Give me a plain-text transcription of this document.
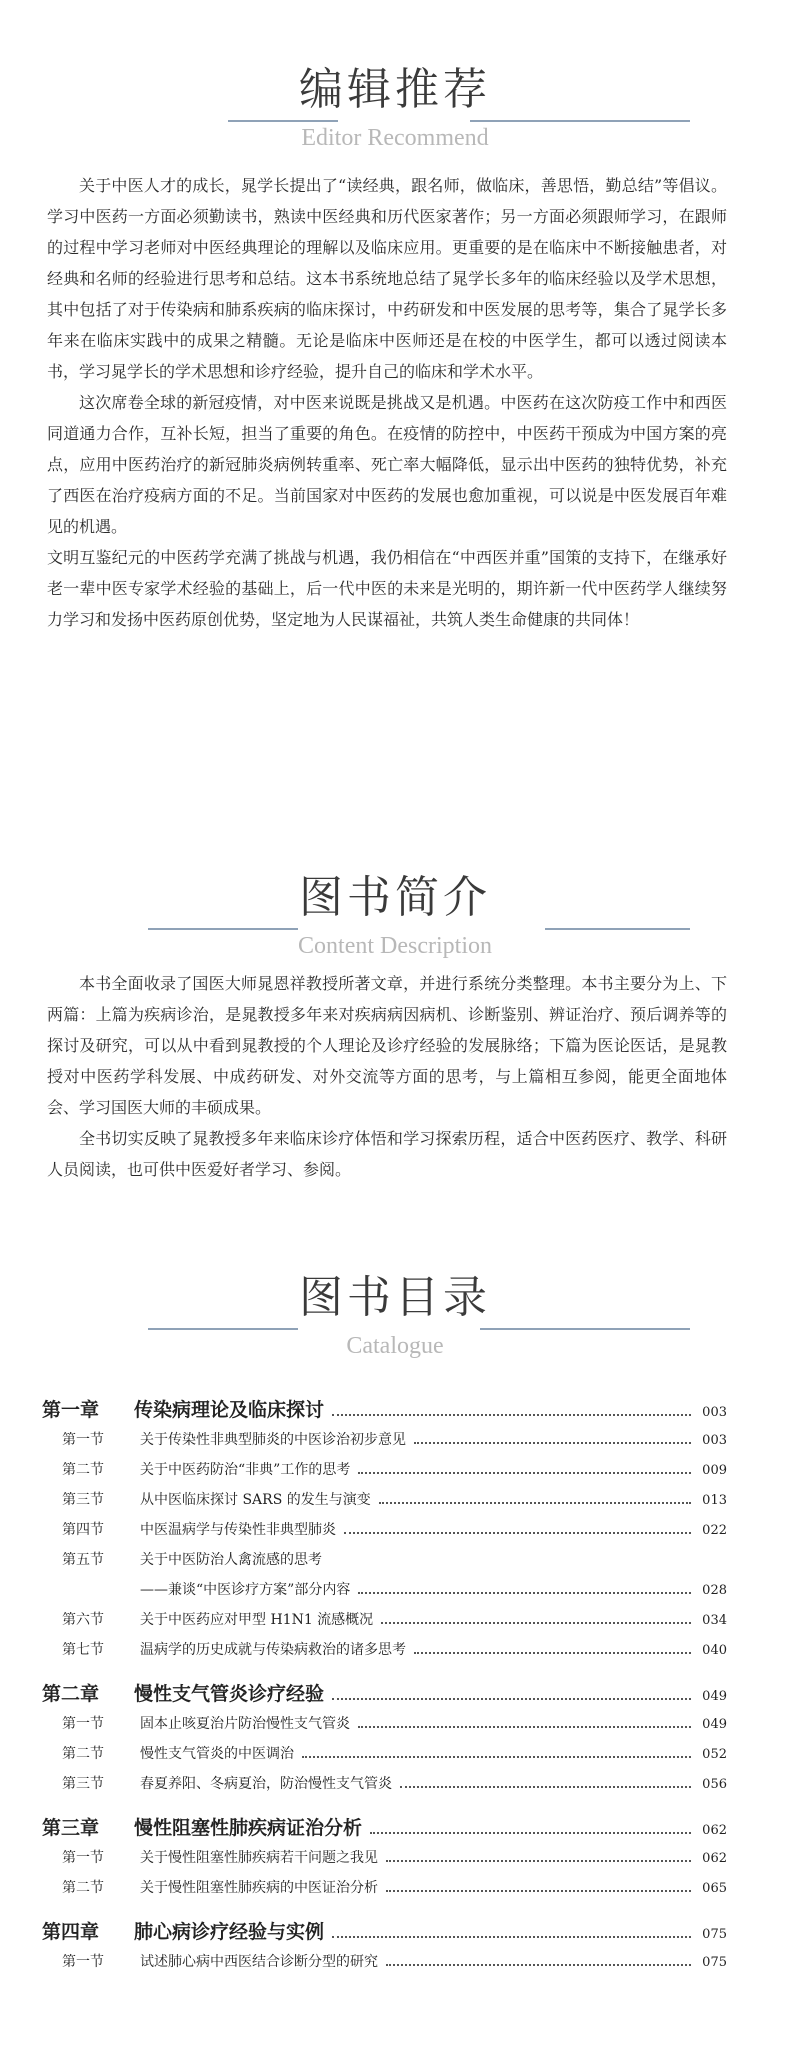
编辑推荐
Editor Recommend

关于中医人才的成长，晁学长提出了“读经典，跟名师，做临床，善思悟，勤总结”等倡议。学习中医药一方面必须勤读书，熟读中医经典和历代医家著作；另一方面必须跟师学习，在跟师的过程中学习老师对中医经典理论的理解以及临床应用。更重要的是在临床中不断接触患者，对经典和名师的经验进行思考和总结。这本书系统地总结了晁学长多年的临床经验以及学术思想，其中包括了对于传染病和肺系疾病的临床探讨，中药研发和中医发展的思考等，集合了晁学长多年来在临床实践中的成果之精髓。无论是临床中医师还是在校的中医学生，都可以透过阅读本书，学习晁学长的学术思想和诊疗经验，提升自己的临床和学术水平。

这次席卷全球的新冠疫情，对中医来说既是挑战又是机遇。中医药在这次防疫工作中和西医同道通力合作，互补长短，担当了重要的角色。在疫情的防控中，中医药干预成为中国方案的亮点，应用中医药治疗的新冠肺炎病例转重率、死亡率大幅降低，显示出中医药的独特优势，补充了西医在治疗疫病方面的不足。当前国家对中医药的发展也愈加重视，可以说是中医发展百年难见的机遇。

文明互鉴纪元的中医药学充满了挑战与机遇，我仍相信在“中西医并重”国策的支持下，在继承好老一辈中医专家学术经验的基础上，后一代中医的未来是光明的，期许新一代中医药学人继续努力学习和发扬中医药原创优势，坚定地为人民谋福祉，共筑人类生命健康的共同体！

图书简介
Content Description

本书全面收录了国医大师晁恩祥教授所著文章，并进行系统分类整理。本书主要分为上、下两篇：上篇为疾病诊治，是晁教授多年来对疾病病因病机、诊断鉴别、辨证治疗、预后调养等的探讨及研究，可以从中看到晁教授的个人理论及诊疗经验的发展脉络；下篇为医论医话，是晁教授对中医药学科发展、中成药研发、对外交流等方面的思考，与上篇相互参阅，能更全面地体会、学习国医大师的丰硕成果。

全书切实反映了晁教授多年来临床诊疗体悟和学习探索历程，适合中医药医疗、教学、科研人员阅读，也可供中医爱好者学习、参阅。

图书目录
Catalogue
第一章	传染病理论及临床探讨	003
第一节	关于传染性非典型肺炎的中医诊治初步意见	003
第二节	关于中医药防治“非典”工作的思考	009
第三节	从中医临床探讨 SARS 的发生与演变	013
第四节	中医温病学与传染性非典型肺炎	022
第五节	关于中医防治人禽流感的思考
——兼谈“中医诊疗方案”部分内容	028
第六节	关于中医药应对甲型 H1N1 流感概况	034
第七节	温病学的历史成就与传染病救治的诸多思考	040
第二章	慢性支气管炎诊疗经验	049
第一节	固本止咳夏治片防治慢性支气管炎	049
第二节	慢性支气管炎的中医调治	052
第三节	春夏养阳、冬病夏治，防治慢性支气管炎	056
第三章	慢性阻塞性肺疾病证治分析	062
第一节	关于慢性阻塞性肺疾病若干问题之我见	062
第二节	关于慢性阻塞性肺疾病的中医证治分析	065
第四章	肺心病诊疗经验与实例	075
第一节	试述肺心病中西医结合诊断分型的研究	075
